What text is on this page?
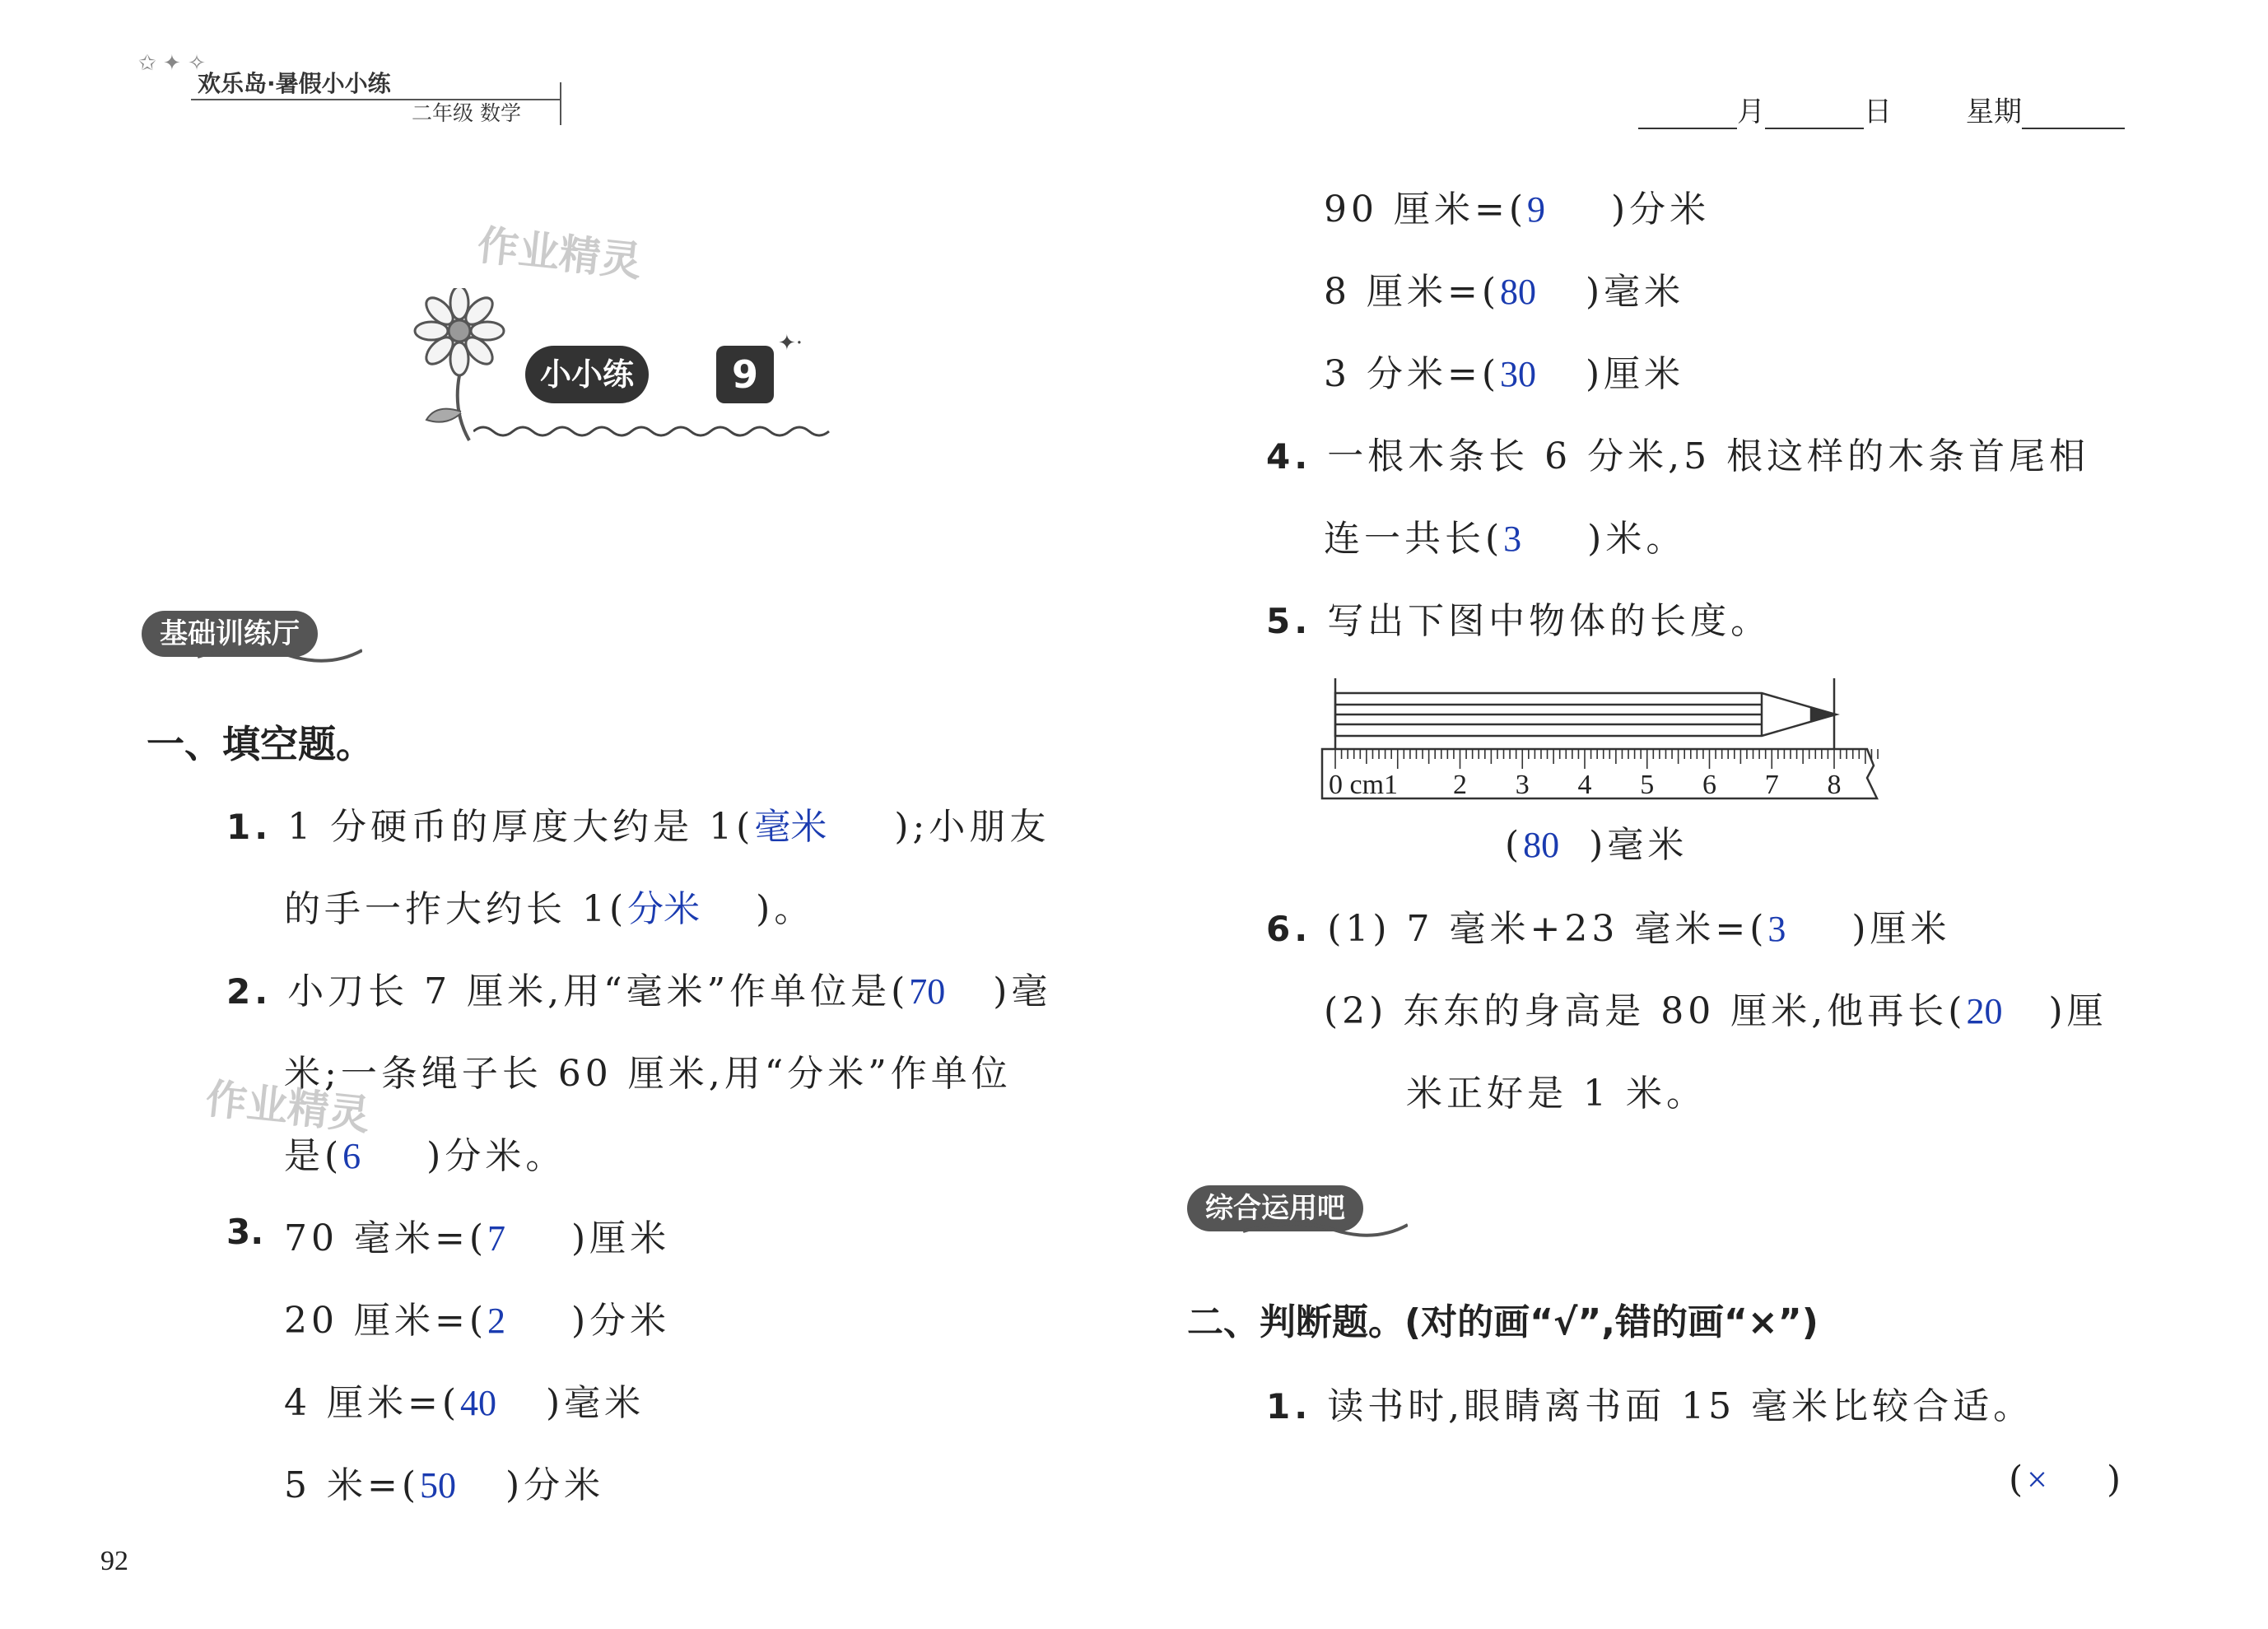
✩ ✦ ✧
欢乐岛·暑假小小练
二年级 数学	月	日	星期
作业精灵
小小练	9
✦·
基础训练厅
一、填空题。
1. 1 分硬币的厚度大约是 1(毫米 );小朋友
的手一拃大约长 1(分米 )。
2. 小刀长 7 厘米,用“毫米”作单位是(70 )毫
米;一条绳子长 60 厘米,用“分米”作单位
作业精灵
是(6 )分米。
3. 70 毫米=(7 )厘米
20 厘米=(2 )分米
4 厘米=(40 )毫米
5 米=(50 )分米
90 厘米=(9 )分米
8 厘米=(80 )毫米
3 分米=(30 )厘米
4. 一根木条长 6 分米,5 根这样的木条首尾相
连一共长(3 )米。
5. 写出下图中物体的长度。
0 cm1 2 3 4 5 6 7 8
(80 )毫米
6. (1) 7 毫米+23 毫米=(3 )厘米
(2) 东东的身高是 80 厘米,他再长(20 )厘
米正好是 1 米。
综合运用吧
二、判断题。(对的画“√”,错的画“×”)
1. 读书时,眼睛离书面 15 毫米比较合适。
(× )
92
